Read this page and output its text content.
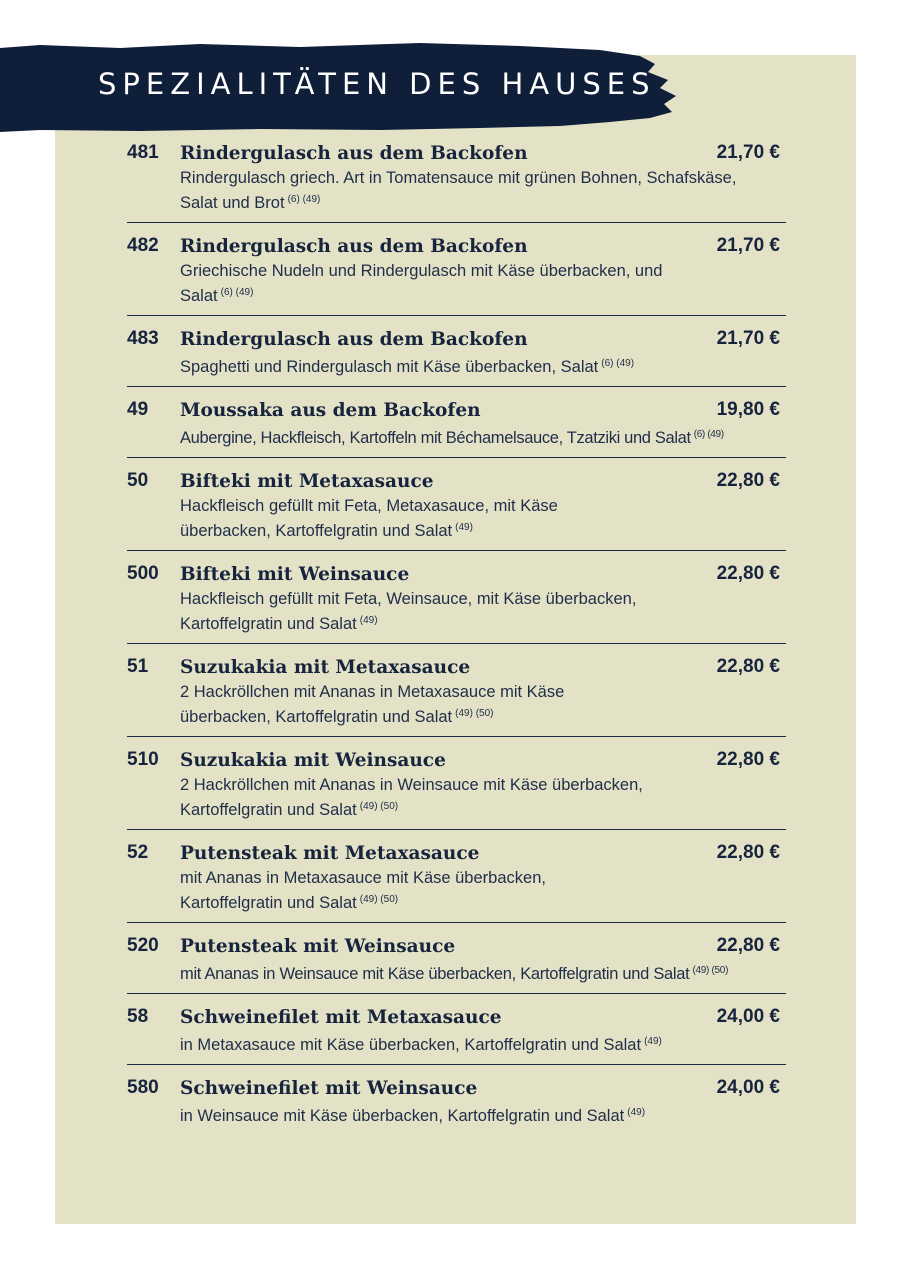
SPEZIALITÄTEN DES HAUSES
481 Rindergulasch aus dem Backofen	21,70 €
Rindergulasch griech. Art in Tomatensauce mit grünen Bohnen, Schafskäse, Salat und Brot $^{(6) (49)}$
482 Rindergulasch aus dem Backofen	21,70 €
Griechische Nudeln und Rindergulasch mit Käse überbacken, und Salat $^{(6) (49)}$
483 Rindergulasch aus dem Backofen	21,70 €
Spaghetti und Rindergulasch mit Käse überbacken, Salat $^{(6) (49)}$
49 Moussaka aus dem Backofen	19,80 €
Aubergine, Hackfleisch, Kartoffeln mit Béchamelsauce, Tzatziki und Salat $^{(6) (49)}$
50 Bifteki mit Metaxasauce	22,80 €
Hackfleisch gefüllt mit Feta, Metaxasauce, mit Käse überbacken, Kartoffelgratin und Salat $^{(49)}$
500 Bifteki mit Weinsauce	22,80 €
Hackfleisch gefüllt mit Feta, Weinsauce, mit Käse überbacken, Kartoffelgratin und Salat $^{(49)}$
51 Suzukakia mit Metaxasauce	22,80 €
2 Hackröllchen mit Ananas in Metaxasauce mit Käse überbacken, Kartoffelgratin und Salat $^{(49) (50)}$
510 Suzukakia mit Weinsauce	22,80 €
2 Hackröllchen mit Ananas in Weinsauce mit Käse überbacken, Kartoffelgratin und Salat $^{(49) (50)}$
52 Putensteak mit Metaxasauce	22,80 €
mit Ananas in Metaxasauce mit Käse überbacken, Kartoffelgratin und Salat $^{(49) (50)}$
520 Putensteak mit Weinsauce	22,80 €
mit Ananas in Weinsauce mit Käse überbacken, Kartoffelgratin und Salat $^{(49) (50)}$
58 Schweinefilet mit Metaxasauce	24,00 €
in Metaxasauce mit Käse überbacken, Kartoffelgratin und Salat $^{(49)}$
580 Schweinefilet mit Weinsauce	24,00 €
in Weinsauce mit Käse überbacken, Kartoffelgratin und Salat $^{(49)}$
